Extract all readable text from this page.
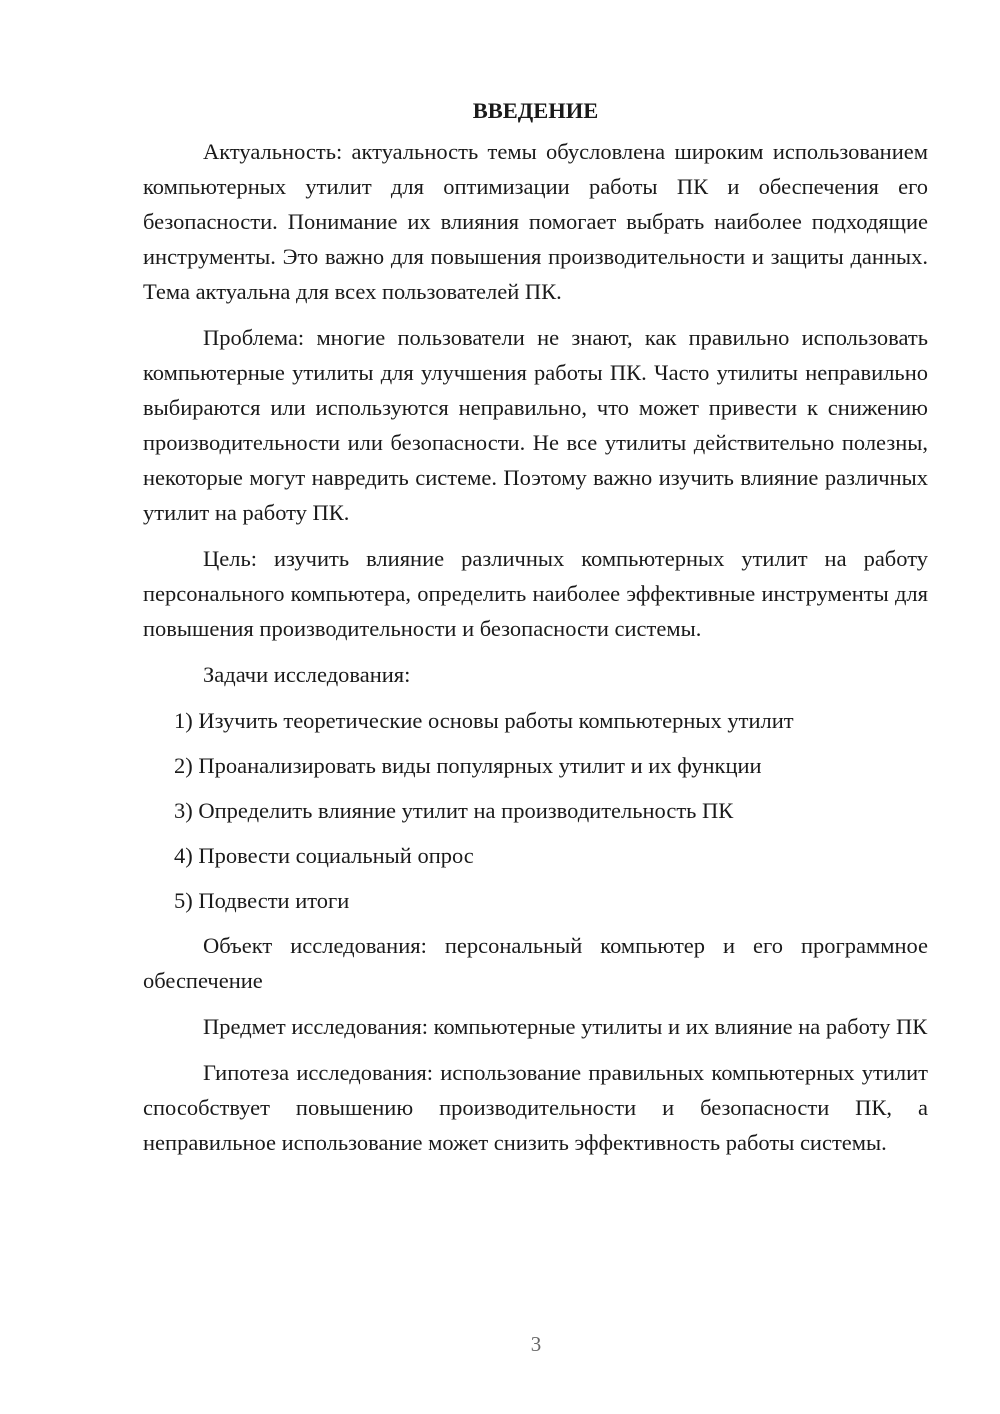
ВВЕДЕНИЕ

Актуальность: актуальность темы обусловлена широким использованием компьютерных утилит для оптимизации работы ПК и обеспечения его безопасности. Понимание их влияния помогает выбрать наиболее подходящие инструменты. Это важно для повышения производительности и защиты данных. Тема актуальна для всех пользователей ПК.

Проблема: многие пользователи не знают, как правильно использовать компьютерные утилиты для улучшения работы ПК. Часто утилиты неправильно выбираются или используются неправильно, что может привести к снижению производительности или безопасности. Не все утилиты действительно полезны, некоторые могут навредить системе. Поэтому важно изучить влияние различных утилит на работу ПК.

Цель: изучить влияние различных компьютерных утилит на работу персонального компьютера, определить наиболее эффективные инструменты для повышения производительности и безопасности системы.

Задачи исследования:

1) Изучить теоретические основы работы компьютерных утилит
2) Проанализировать виды популярных утилит и их функции
3) Определить влияние утилит на производительность ПК
4) Провести социальный опрос
5) Подвести итоги

Объект исследования: персональный компьютер и его программное обеспечение

Предмет исследования: компьютерные утилиты и их влияние на работу ПК

Гипотеза исследования: использование правильных компьютерных утилит способствует повышению производительности и безопасности ПК, а неправильное использование может снизить эффективность работы системы.

3
